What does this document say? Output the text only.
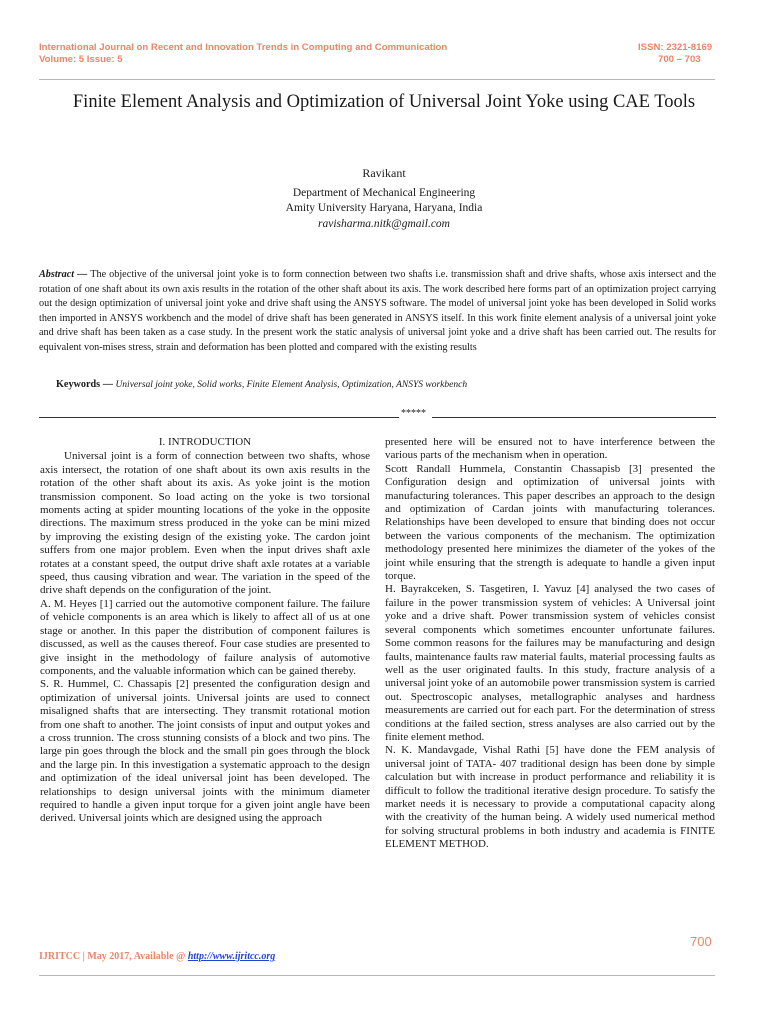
International Journal on Recent and Innovation Trends in Computing and Communication
Volume: 5 Issue: 5
ISSN: 2321-8169
700 – 703
Finite Element Analysis and Optimization of Universal Joint Yoke using CAE Tools
Ravikant
Department of Mechanical Engineering
Amity University Haryana, Haryana, India
ravisharma.nitk@gmail.com
Abstract — The objective of the universal joint yoke is to form connection between two shafts i.e. transmission shaft and drive shafts, whose axis intersect and the rotation of one shaft about its own axis results in the rotation of the other shaft about its axis. The work described here forms part of an optimization project carrying out the design optimization of universal joint yoke and drive shaft using the ANSYS software. The model of universal joint yoke has been developed in Solid works then imported in ANSYS workbench and the model of drive shaft has been generated in ANSYS itself. In this work finite element analysis of a universal joint yoke and drive shaft has been taken as a case study. In the present work the static analysis of universal joint yoke and a drive shaft has been carried out. The results for equivalent von-mises stress, strain and deformation has been plotted and compared with the existing results
Keywords — Universal joint yoke, Solid works, Finite Element Analysis, Optimization, ANSYS workbench
*****
I. INTRODUCTION

Universal joint is a form of connection between two shafts, whose axis intersect, the rotation of one shaft about its own axis results in the rotation of the other shaft about its axis. As yoke joint is the motion transmission component. So load acting on the yoke is two torsional moments acting at spider mounting locations of the yoke in the opposite directions. The maximum stress produced in the yoke can be mini mized by improving the existing design of the existing yoke. The cardon joint suffers from one major problem. Even when the input drives shaft axle rotates at a constant speed, the output drive shaft axle rotates at a variable speed, thus causing vibration and wear. The variation in the speed of the drive shaft depends on the configuration of the joint.

A. M. Heyes [1] carried out the automotive component failure. The failure of vehicle components is an area which is likely to affect all of us at one stage or another. In this paper the distribution of component failures is discussed, as well as the causes thereof. Four case studies are presented to give insight in the methodology of failure analysis of automotive components, and the valuable information which can be gained thereby.

S. R. Hummel, C. Chassapis [2] presented the configuration design and optimization of universal joints. Universal joints are used to connect misaligned shafts that are intersecting. They transmit rotational motion from one shaft to another. The joint consists of input and output yokes and a cross trunnion. The cross stunning consists of a block and two pins. The large pin goes through the block and the small pin goes through the block and the large pin. In this investigation a systematic approach to the design and optimization of the ideal universal joint has been developed. The relationships to design universal joints with the minimum diameter required to handle a given input torque for a given joint angle have been derived. Universal joints which are designed using the approach

presented here will be ensured not to have interference between the various parts of the mechanism when in operation.

Scott Randall Hummela, Constantin Chassapisb [3] presented the Configuration design and optimization of universal joints with manufacturing tolerances. This paper describes an approach to the design and optimization of Cardan joints with manufacturing tolerances. Relationships have been developed to ensure that binding does not occur between the various components of the mechanism. The optimization methodology presented here minimizes the diameter of the yokes of the joint while ensuring that the strength is adequate to handle a given input torque.

H. Bayrakceken, S. Tasgetiren, I. Yavuz [4] analysed the two cases of failure in the power transmission system of vehicles: A Universal joint yoke and a drive shaft. Power transmission system of vehicles consist several components which sometimes encounter unfortunate failures. Some common reasons for the failures may be manufacturing and design faults, maintenance faults raw material faults, material processing faults as well as the user originated faults. In this study, fracture analysis of a universal joint yoke of an automobile power transmission system is carried out. Spectroscopic analyses, metallographic analyses and hardness measurements are carried out for each part. For the determination of stress conditions at the failed section, stress analyses are also carried out by the finite element method.

N. K. Mandavgade, Vishal Rathi [5] have done the FEM analysis of universal joint of TATA- 407 traditional design has been done by simple calculation but with increase in product performance and reliability it is difficult to follow the traditional iterative design procedure. To satisfy the market needs it is necessary to provide a computational capacity along with the creativity of the human being. A widely used numerical method for solving structural problems in both industry and academia is FINITE ELEMENT METHOD.

700
IJRITCC | May 2017, Available @ http://www.ijritcc.org
